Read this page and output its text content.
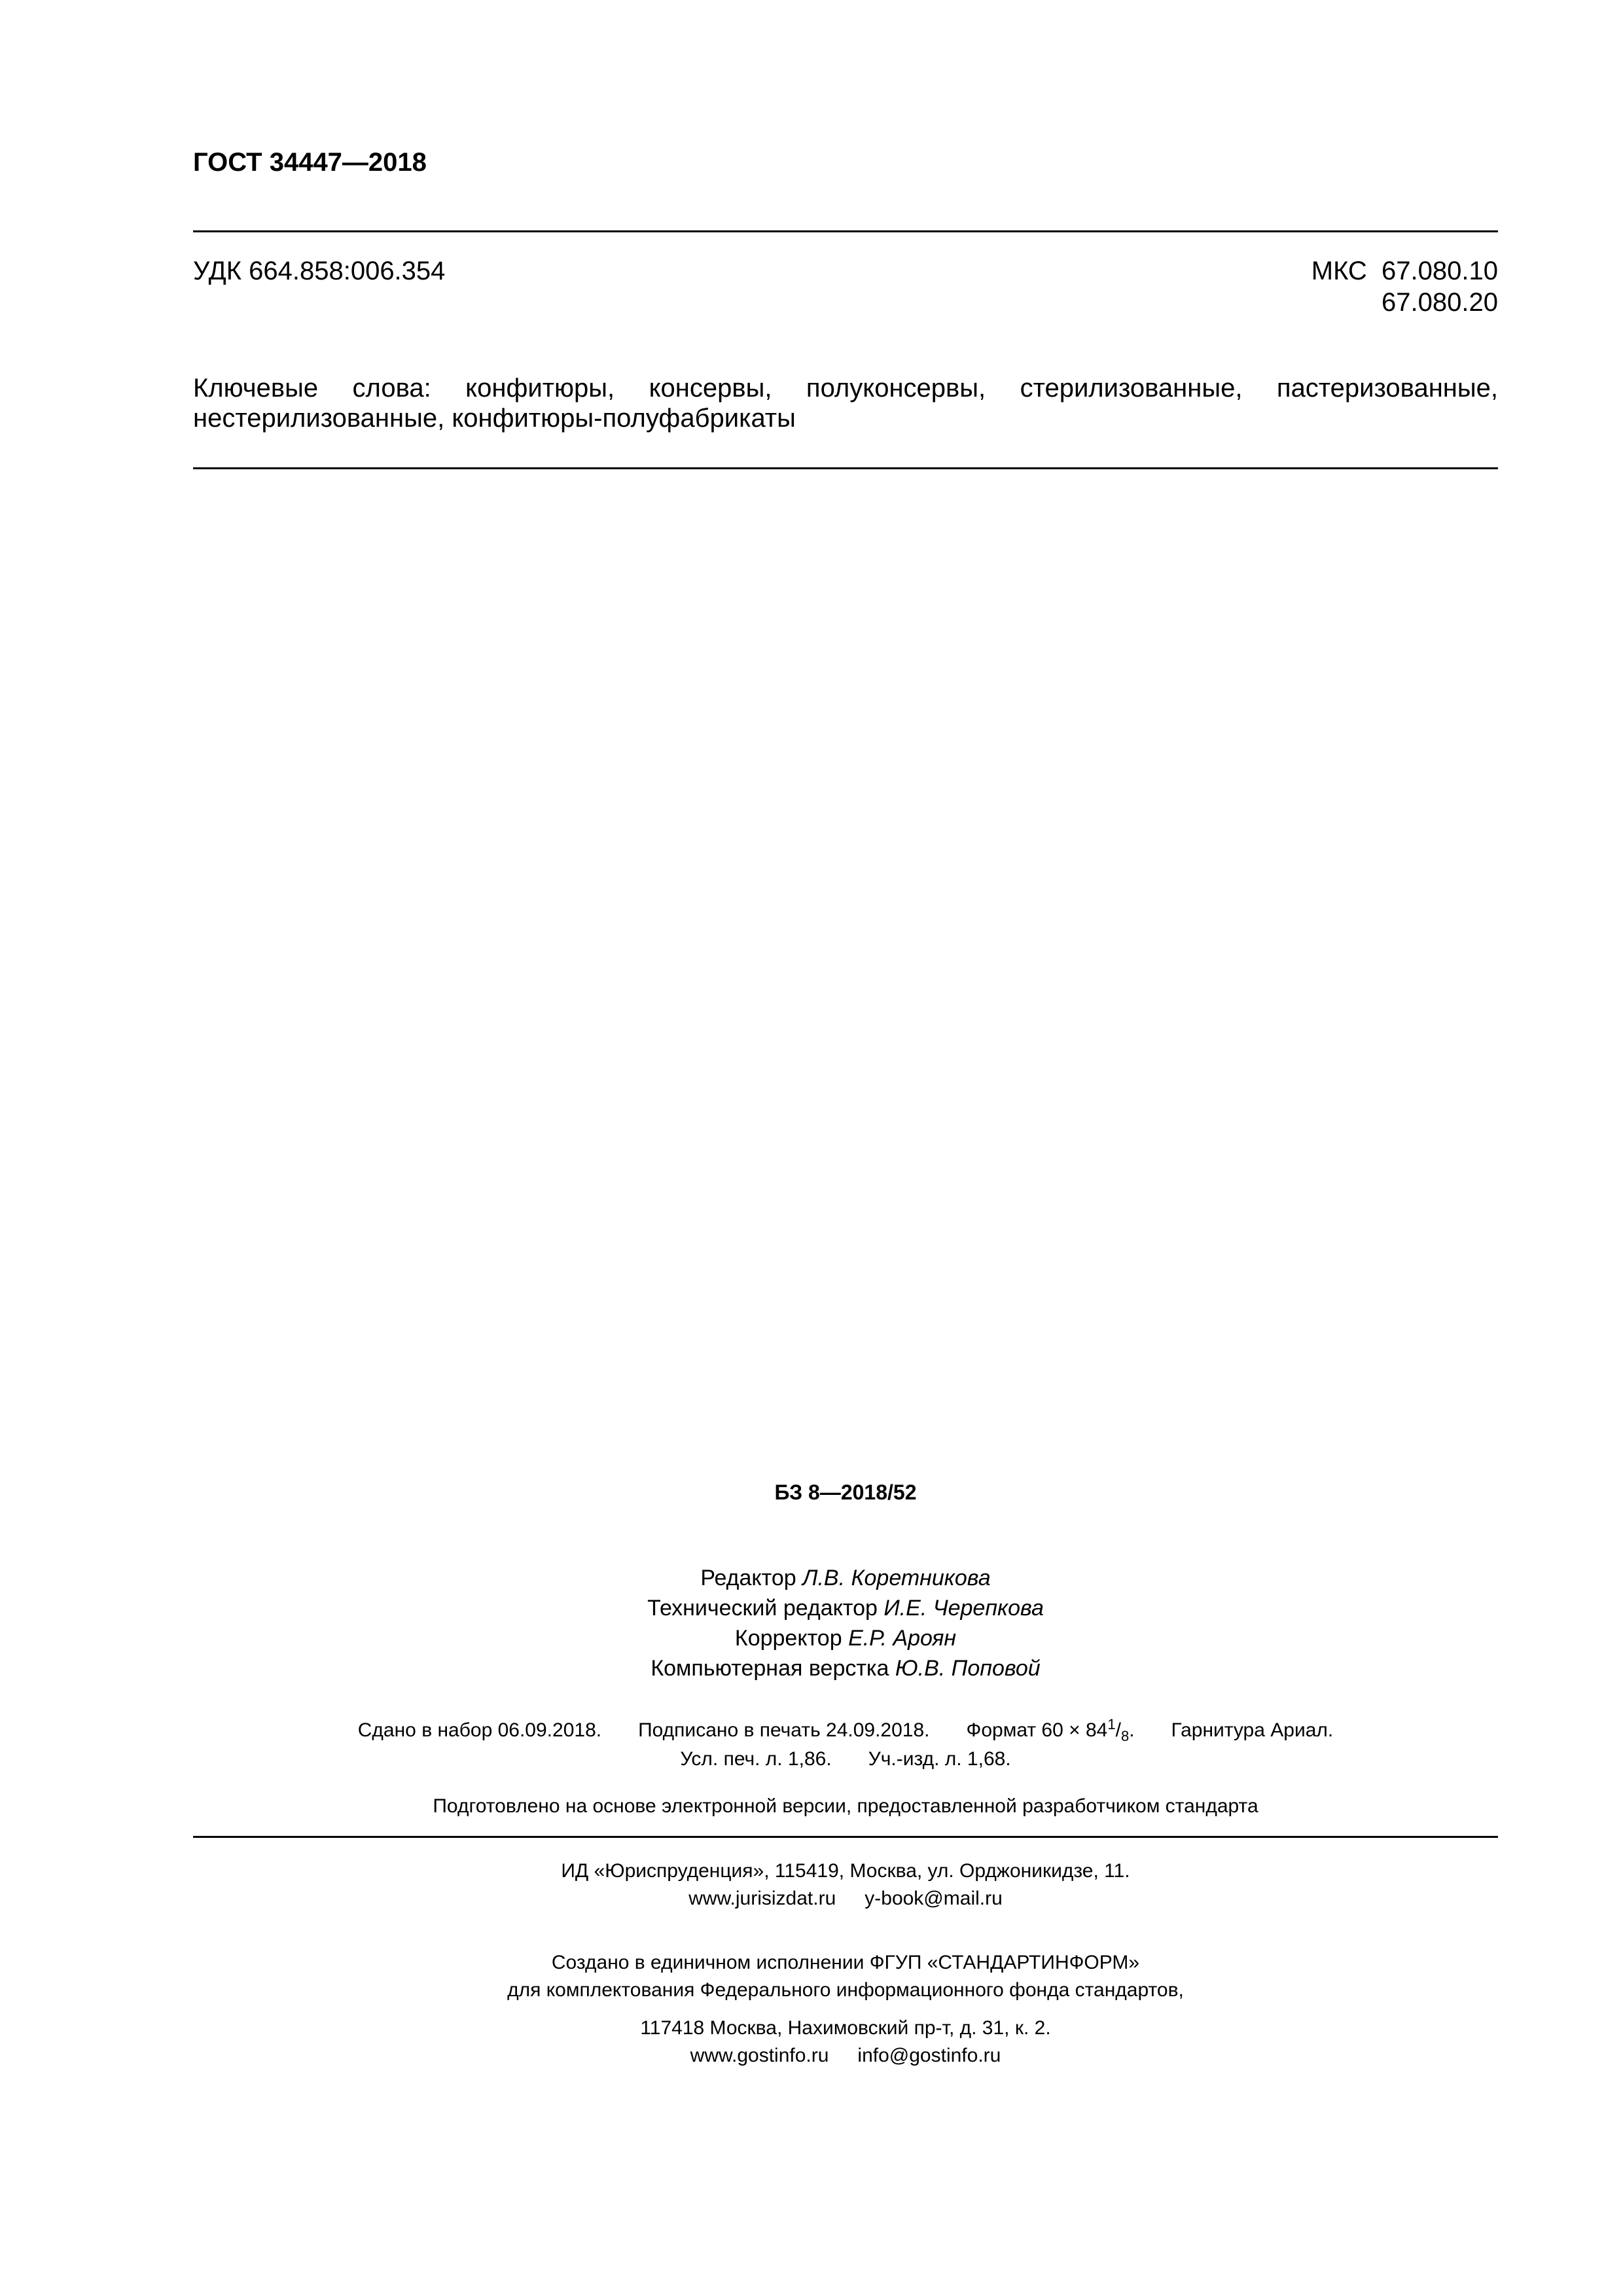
ГОСТ 34447—2018
УДК 664.858:006.354	МКС 67.080.10
67.080.20
Ключевые слова: конфитюры, консервы, полуконсервы, стерилизованные, пастеризованные, нестерилизованные, конфитюры-полуфабрикаты
БЗ 8—2018/52
Редактор Л.В. Коретникова
Технический редактор И.Е. Черепкова
Корректор Е.Р. Ароян
Компьютерная верстка Ю.В. Поповой
Сдано в набор 06.09.2018. Подписано в печать 24.09.2018. Формат $60 \times 84^1/_8$. Гарнитура Ариал.
Усл. печ. л. 1,86. Уч.-изд. л. 1,68.
Подготовлено на основе электронной версии, предоставленной разработчиком стандарта
ИД «Юриспруденция», 115419, Москва, ул. Орджоникидзе, 11.
www.jurisizdat.ru y-book@mail.ru
Создано в единичном исполнении ФГУП «СТАНДАРТИНФОРМ»
для комплектования Федерального информационного фонда стандартов,
117418 Москва, Нахимовский пр-т, д. 31, к. 2.
www.gostinfo.ru info@gostinfo.ru
